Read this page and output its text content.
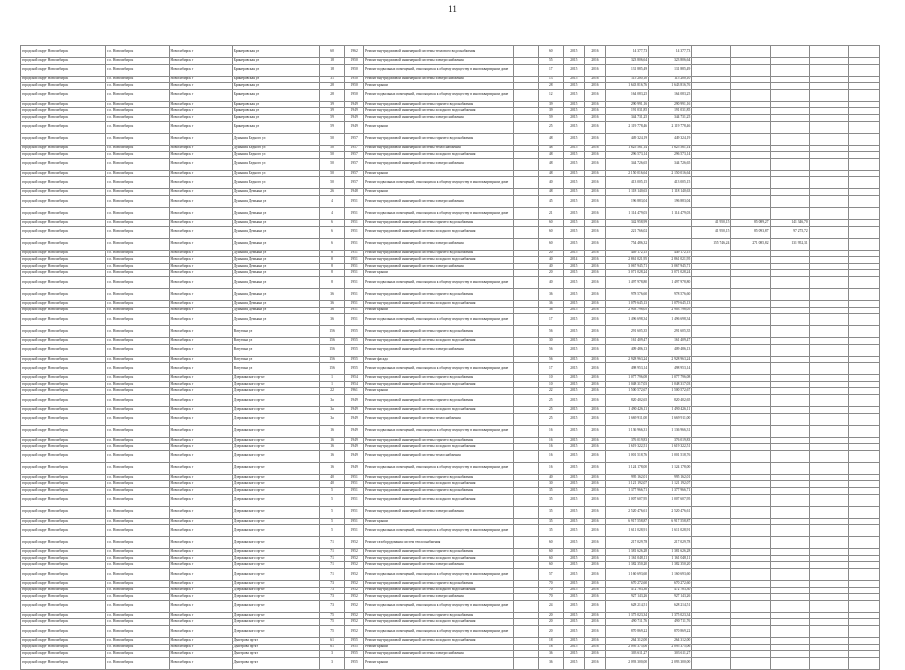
11
городской округ Новосибирск	г.о. Новосибирск	Новосибирск г	Бринеровская ул	60	1962	Ремонт внутридомовой инженерной системы теплового водоснабжения		60	2015	2016	14 377,73	14 377,73					
городской округ Новосибирск	г.о. Новосибирск	Новосибирск г	Бринеровская ул	18	1950	Ремонт внутридомовой инженерной системы электроснабжения		55	2015	2016	323 806,64	323 806,64					
городской округ Новосибирск	г.о. Новосибирск	Новосибирск г	Бринеровская ул	18	1950	Ремонт подвальных помещений, относящихся к общему имуществу в многоквартирном доме		17	2015	2016	131 885,49	131 885,49					
городской округ Новосибирск	г.о. Новосибирск	Новосибирск г	Бринеровская ул	31	1950	Ремонт внутридомовой инженерной системы электроснабжения		13	2015	2016	115 200,10	115 200,10					
городской округ Новосибирск	г.о. Новосибирск	Новосибирск г	Бринеровская ул	28	1950	Ремонт крыши		28	2015	2016	1 643 816,76	1 643 816,76					
городской округ Новосибирск	г.о. Новосибирск	Новосибирск г	Бринеровская ул	28	1950	Ремонт подвальных помещений, относящихся к общему имуществу в многоквартирном доме		12	2015	2016	164 083,25	164 083,25					
городской округ Новосибирск	г.о. Новосибирск	Новосибирск г	Бринеровская ул	39	1949	Ремонт внутридомовой инженерной системы горячего водоснабжения		39	2015	2016	290 991,16	290 991,16					
городской округ Новосибирск	г.о. Новосибирск	Новосибирск г	Бринеровская ул	39	1949	Ремонт внутридомовой инженерной системы холодного водоснабжения		39	2015	2016	191 031,85	191 031,85					
городской округ Новосибирск	г.о. Новосибирск	Новосибирск г	Бринеровская ул	59	1949	Ремонт внутридомовой инженерной системы электроснабжения		59	2015	2016	344 731,25	344 731,25					
городской округ Новосибирск	г.о. Новосибирск	Новосибирск г	Бринеровская ул	59	1949	Ремонт крыши		25	2015	2016	2 119 778,46	2 119 778,46					
городской округ Новосибирск	г.о. Новосибирск	Новосибирск г	Дуньшия Бедного ул	50	1957	Ремонт внутридомовой инженерной системы горячего водоснабжения		48	2015	2016	449 324,19	449 324,19					
городской округ Новосибирск	г.о. Новосибирск	Новосибирск г	Дуньшия Бедного ул	50	1957	Ремонт внутридомовой инженерной системы теплоснабжения		48	2015	2016	1 625 561,14	1 625 561,14					
городской округ Новосибирск	г.о. Новосибирск	Новосибирск г	Дуньшия Бедного ул	50	1957	Ремонт внутридомовой инженерной системы холодного водоснабжения		48	2015	2016	296 573,14	296 573,14					
городской округ Новосибирск	г.о. Новосибирск	Новосибирск г	Дуньшия Бедного ул	50	1957	Ремонт внутридомовой инженерной системы электроснабжения		48	2015	2016	344 726,65	344 726,65					
городской округ Новосибирск	г.о. Новосибирск	Новосибирск г	Дуньшия Бедного ул	50	1957	Ремонт крыши		48	2015	2016	2 150 016,64	2 150 016,64					
городской округ Новосибирск	г.о. Новосибирск	Новосибирск г	Дуньшия Бедного ул	50	1957	Ремонт подвальных помещений, относящихся к общему имуществу в многоквартирном доме		40	2015	2016	413 005,15	413 005,15					
городской округ Новосибирск	г.о. Новосибирск	Новосибирск г	Дуньшия Демьяна ул	26	1948	Ремонт крыши		48	2015	2016	1 118 140,63	1 118 140,63					
городской округ Новосибирск	г.о. Новосибирск	Новосибирск г	Дуньшия Демьяна ул	4	1951	Ремонт внутридомовой инженерной системы электроснабжения		45	2015	2016	196 883,04	196 883,04					
городской округ Новосибирск	г.о. Новосибирск	Новосибирск г	Дуньшия Демьяна ул	4	1951	Ремонт подвальных помещений, относящихся к общему имуществу в многоквартирном доме		21	2015	2016	1 114 479,03	1 114 479,03					
городской округ Новосибирск	г.о. Новосибирск	Новосибирск г	Дуньшия Демьяна ул	6	1951	Ремонт внутридомовой инженерной системы горячего водоснабжения		60	2015	2016	342 958,99		41 950,15	85 089,27	141 346,70		
городской округ Новосибирск	г.о. Новосибирск	Новосибирск г	Дуньшия Демьяна ул	6	1951	Ремонт внутридомовой инженерной системы холодного водоснабжения		60	2015	2016	221 766,02		41 950,15	85 093,87	97 275,72		
городской округ Новосибирск	г.о. Новосибирск	Новосибирск г	Дуньшия Демьяна ул	6	1951	Ремонт внутридомовой инженерной системы электроснабжения		60	2015	2016	754 486,32		155 746,24	271 085,82	131 952,31		
городской округ Новосибирск	г.о. Новосибирск	Новосибирск г	Дуньшия Демьяна ул	8	1951	Ремонт внутридомовой инженерной системы горячего водоснабжения		20	2015	2016	449 172,15	449 172,15					
городской округ Новосибирск	г.о. Новосибирск	Новосибирск г	Дуньшия Демьяна ул	8	1951	Ремонт внутридомовой инженерной системы холодного водоснабжения		40	2014	2016	2 861 021,95	2 861 021,95					
городской округ Новосибирск	г.о. Новосибирск	Новосибирск г	Дуньшия Демьяна ул	8	1951	Ремонт внутридомовой инженерной системы электроснабжения		40	2015	2016	3 067 945,71	3 067 945,71					
городской округ Новосибирск	г.о. Новосибирск	Новосибирск г	Дуньшия Демьяна ул	8	1951	Ремонт крыши		20	2015	2016	3 071 028,24	3 071 028,24					
городской округ Новосибирск	г.о. Новосибирск	Новосибирск г	Дуньшия Демьяна ул	8	1951	Ремонт подвальных помещений, относящихся к общему имуществу в многоквартирном доме		40	2015	2016	1 497 978,80	1 497 978,80					
городской округ Новосибирск	г.о. Новосибирск	Новосибирск г	Дуньшия Демьяна ул	36	1951	Ремонт внутридомовой инженерной системы горячего водоснабжения		36	2015	2016	978 576,60	978 576,60					
городской округ Новосибирск	г.о. Новосибирск	Новосибирск г	Дуньшия Демьяна ул	36	1951	Ремонт внутридомовой инженерной системы холодного водоснабжения		36	2015	2016	1 079 645,13	1 079 645,13					
городской округ Новосибирск	г.о. Новосибирск	Новосибирск г	Дуньшия Демьяна ул	36	1951	Ремонт крыши		36	2015	2016	2 903 798,05	2 903 798,05					
городской округ Новосибирск	г.о. Новосибирск	Новосибирск г	Дуньшия Демьяна ул	36	1951	Ремонт подвальных помещений, относящихся к общему имуществу в многоквартирном доме		17	2015	2016	1 496 698,34	1 496 698,34					
городской округ Новосибирск	г.о. Новосибирск	Новосибирск г	Ватутина ул	156	1955	Ремонт внутридомовой инженерной системы горячего водоснабжения		56	2015	2016	291 605,35	291 605,35					
городской округ Новосибирск	г.о. Новосибирск	Новосибирск г	Ватутина ул	156	1955	Ремонт внутридомовой инженерной системы холодного водоснабжения		30	2015	2016	161 409,47	161 409,47					
городской округ Новосибирск	г.о. Новосибирск	Новосибирск г	Ватутина ул	156	1955	Ремонт внутридомовой инженерной системы электроснабжения		56	2015	2016	409 486,13	409 486,13					
городской округ Новосибирск	г.о. Новосибирск	Новосибирск г	Ватутина ул	156	1955	Ремонт фасада		56	2015	2016	2 928 963,24	2 928 963,24					
городской округ Новосибирск	г.о. Новосибирск	Новосибирск г	Ватутина ул	156	1955	Ремонт подвальных помещений, относящихся к общему имуществу в многоквартирном доме		17	2015	2016	498 953,14	498 953,14					
городской округ Новосибирск	г.о. Новосибирск	Новосибирск г	Дзержинского пр-кт	1	1954	Ремонт внутридомовой инженерной системы горячего водоснабжения		10	2015	2016	1 077 796,08	1 077 796,08					
городской округ Новосибирск	г.о. Новосибирск	Новосибирск г	Дзержинского пр-кт	1	1954	Ремонт внутридомовой инженерной системы холодного водоснабжения		10	2015	2016	1 048 317,03	1 048 317,03					
городской округ Новосибирск	г.о. Новосибирск	Новосибирск г	Дзержинского пр-кт	22	1961	Ремонт крыши		22	2015	2016	1 500 572,67	1 500 572,67					
городской округ Новосибирск	г.о. Новосибирск	Новосибирск г	Дзержинского пр-кт	3а	1949	Ремонт внутридомовой инженерной системы горячего водоснабжения		25	2015	2016	820 402,65	820 402,65					
городской округ Новосибирск	г.о. Новосибирск	Новосибирск г	Дзержинского пр-кт	3а	1949	Ремонт внутридомовой инженерной системы холодного водоснабжения		25	2015	2016	1 490 426,11	1 490 426,11					
городской округ Новосибирск	г.о. Новосибирск	Новосибирск г	Дзержинского пр-кт	3а	1949	Ремонт внутридомовой инженерной системы теплоснабжения		25	2015	2016	1 669 911,00	1 669 911,00					
городской округ Новосибирск	г.о. Новосибирск	Новосибирск г	Дзержинского пр-кт	16	1949	Ремонт подвальных помещений, относящихся к общему имуществу в многоквартирном доме		16	2015	2016	1 136 966,31	1 136 966,31					
городской округ Новосибирск	г.о. Новосибирск	Новосибирск г	Дзержинского пр-кт	16	1949	Ремонт внутридомовой инженерной системы горячего водоснабжения		16	2015	2016	376 019,83	376 019,83					
городской округ Новосибирск	г.о. Новосибирск	Новосибирск г	Дзержинского пр-кт	16	1949	Ремонт внутридомовой инженерной системы холодного водоснабжения		16	2015	2016	1 619 322,51	1 619 322,51					
городской округ Новосибирск	г.о. Новосибирск	Новосибирск г	Дзержинского пр-кт	16	1949	Ремонт внутридомовой инженерной системы теплоснабжения		16	2015	2016	1 001 518,76	1 001 518,76					
городской округ Новосибирск	г.о. Новосибирск	Новосибирск г	Дзержинского пр-кт	16	1949	Ремонт подвальных помещений, относящихся к общему имуществу в многоквартирном доме		16	2015	2016	1 124 178,00	1 124 178,00					
городской округ Новосибирск	г.о. Новосибирск	Новосибирск г	Дзержинского пр-кт	40	1951	Ремонт внутридомовой инженерной системы горячего водоснабжения		40	2015	2016	995 162,01	995 162,01					
городской округ Новосибирск	г.о. Новосибирск	Новосибирск г	Дзержинского пр-кт	40	1951	Ремонт внутридомовой инженерной системы холодного водоснабжения		30	2015	2016	1 121 192,07	1 121 192,07					
городской округ Новосибирск	г.о. Новосибирск	Новосибирск г	Дзержинского пр-кт	5	1951	Ремонт внутридомовой инженерной системы горячего водоснабжения		35	2015	2016	1 377 966,71	1 377 966,71					
городской округ Новосибирск	г.о. Новосибирск	Новосибирск г	Дзержинского пр-кт	5	1951	Ремонт внутридомовой инженерной системы холодного водоснабжения		35	2015	2016	1 007 607,95	1 007 607,95					
городской округ Новосибирск	г.о. Новосибирск	Новосибирск г	Дзержинского пр-кт	5	1951	Ремонт внутридомовой инженерной системы электроснабжения		35	2015	2016	2 520 476,61	2 520 476,61					
городской округ Новосибирск	г.о. Новосибирск	Новосибирск г	Дзержинского пр-кт	5	1951	Ремонт крыши		35	2015	2016	6 917 558,87	6 917 558,87					
городской округ Новосибирск	г.о. Новосибирск	Новосибирск г	Дзержинского пр-кт	5	1951	Ремонт подвальных помещений, относящихся к общему имуществу в многоквартирном доме		35	2015	2016	1 611 028,91	1 611 028,91					
городской округ Новосибирск	г.о. Новосибирск	Новосибирск г	Дзержинского пр-кт	71	1952	Ремонт газоборудования систем теплоснабжения		60	2015	2016	217 029,78	217 029,78					
городской округ Новосибирск	г.о. Новосибирск	Новосибирск г	Дзержинского пр-кт	71	1952	Ремонт внутридомовой инженерной системы горячего водоснабжения		60	2015	2016	1 381 626,28	1 381 626,28					
городской округ Новосибирск	г.о. Новосибирск	Новосибирск г	Дзержинского пр-кт	71	1952	Ремонт внутридомовой инженерной системы холодного водоснабжения		60	2015	2016	1 161 048,11	1 161 048,11					
городской округ Новосибирск	г.о. Новосибирск	Новосибирск г	Дзержинского пр-кт	71	1952	Ремонт внутридомовой инженерной системы электроснабжения		60	2015	2016	1 382 350,20	1 382 350,20					
городской округ Новосибирск	г.о. Новосибирск	Новосибирск г	Дзержинского пр-кт	71	1952	Ремонт подвальных помещений, относящихся к общему имуществу в многоквартирном доме		57	2015	2016	1 160 693,60	1 160 693,60					
городской округ Новосибирск	г.о. Новосибирск	Новосибирск г	Дзержинского пр-кт	73	1952	Ремонт внутридомовой инженерной системы горячего водоснабжения		70	2015	2016	670 272,60	670 272,60					
городской округ Новосибирск	г.о. Новосибирск	Новосибирск г	Дзержинского пр-кт	73	1952	Ремонт внутридомовой инженерной системы холодного водоснабжения		70	2015	2016	472 783,30	472 783,30					
городской округ Новосибирск	г.о. Новосибирск	Новосибирск г	Дзержинского пр-кт	73	1952	Ремонт внутридомовой инженерной системы электроснабжения		70	2015	2016	927 143,26	927 143,26					
городской округ Новосибирск	г.о. Новосибирск	Новосибирск г	Дзержинского пр-кт	73	1952	Ремонт подвальных помещений, относящихся к общему имуществу в многоквартирном доме		24	2015	2016	628 214,51	628 214,51					
городской округ Новосибирск	г.о. Новосибирск	Новосибирск г	Дзержинского пр-кт	75	1952	Ремонт внутридомовой инженерной системы горячего водоснабжения		20	2015	2016	1 375 023,34	1 375 023,34					
городской округ Новосибирск	г.о. Новосибирск	Новосибирск г	Дзержинского пр-кт	75	1952	Ремонт внутридомовой инженерной системы холодного водоснабжения		20	2015	2016	490 711,76	490 711,76					
городской округ Новосибирск	г.о. Новосибирск	Новосибирск г	Дзержинского пр-кт	75	1952	Ремонт подвальных помещений, относящихся к общему имуществу в многоквартирном доме		20	2015	2016	870 869,22	870 869,22					
городской округ Новосибирск	г.о. Новосибирск	Новосибирск г	Дмитрова пр-кт	61	1955	Ремонт внутридомовой инженерной системы холодного водоснабжения		18	2015	2016	264 312,00	264 312,00					
городской округ Новосибирск	г.о. Новосибирск	Новосибирск г	Дмитрова пр-кт	61	1955	Ремонт крыши		18	2015	2016	2 095 375,06	2 095 375,06					
городской округ Новосибирск	г.о. Новосибирск	Новосибирск г	Дмитрова пр-кт	3	1955	Ремонт внутридомовой инженерной системы электроснабжения		36	2015	2016	303 611,27	303 611,27					
городской округ Новосибирск	г.о. Новосибирск	Новосибирск г	Дмитрова пр-кт	3	1955	Ремонт крыши		36	2015	2016	2 093 300,00	2 093 300,00					
